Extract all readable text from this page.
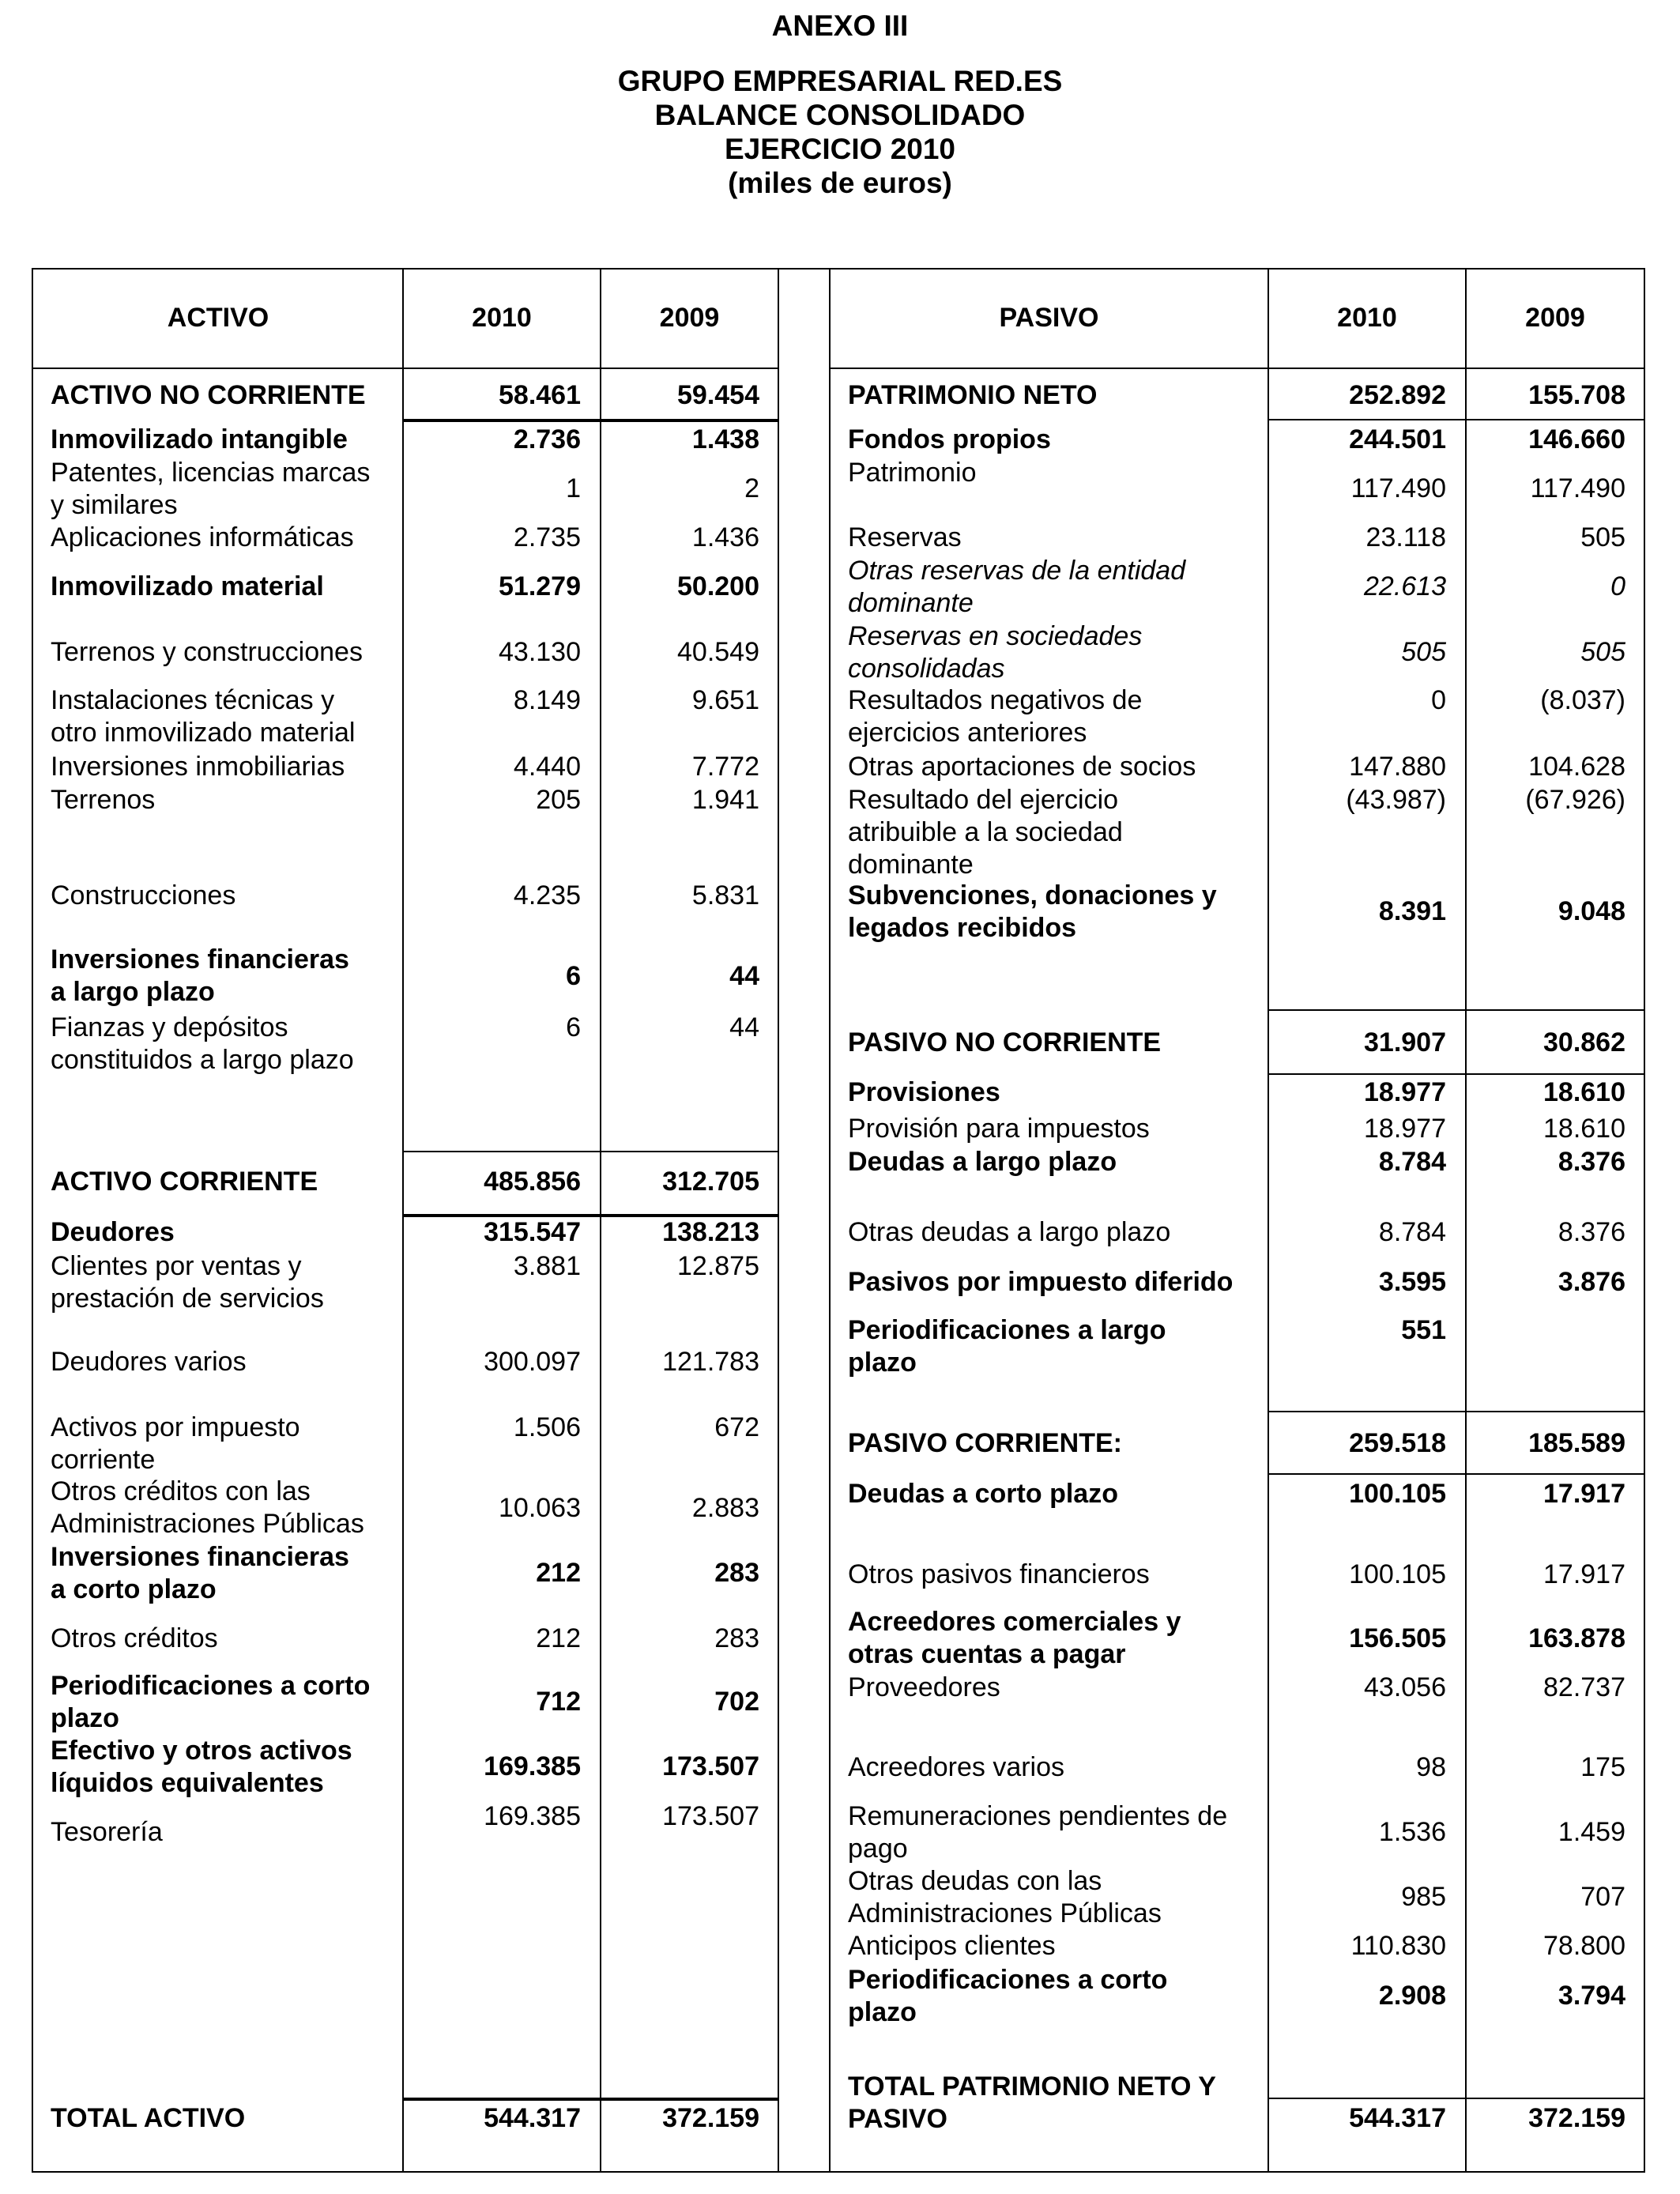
ANEXO III
GRUPO EMPRESARIAL RED.ES
BALANCE CONSOLIDADO
EJERCICIO 2010
(miles de euros)
ACTIVO	2010	2009	PASIVO	2010	2009
ACTIVO NO CORRIENTE	58.461	59.454
Inmovilizado intangible	2.736	1.438
Patentes, licencias marcas
y similares
1	2
Aplicaciones informáticas	2.735	1.436
Inmovilizado material	51.279	50.200
Terrenos y construcciones	43.130	40.549
Instalaciones técnicas y
otro inmovilizado material
8.149	9.651
Inversiones inmobiliarias	4.440	7.772
Terrenos	205	1.941
Construcciones	4.235	5.831
Inversiones financieras
a largo plazo
6	44
Fianzas y depósitos
constituidos a largo plazo
6	44
ACTIVO CORRIENTE	485.856	312.705
Deudores	315.547	138.213
Clientes por ventas y
prestación de servicios
3.881	12.875
Deudores varios	300.097	121.783
Activos por impuesto
corriente
1.506	672
Otros créditos con las
Administraciones Públicas
10.063	2.883
Inversiones financieras
a corto plazo
212	283
Otros créditos	212	283
Periodificaciones a corto
plazo
712	702
Efectivo y otros activos
líquidos equivalentes
169.385	173.507
Tesorería
169.385	173.507
TOTAL ACTIVO	544.317	372.159
PATRIMONIO NETO	252.892	155.708
Fondos propios	244.501	146.660
Patrimonio
117.490	117.490
Reservas	23.118	505
Otras reservas de la entidad
dominante
22.613	0
Reservas en sociedades
consolidadas
505	505
Resultados negativos de
ejercicios anteriores
0	(8.037)
Otras aportaciones de socios	147.880	104.628
Resultado del ejercicio
atribuible a la sociedad
dominante
(43.987)	(67.926)
Subvenciones, donaciones y
legados recibidos
8.391	9.048
PASIVO NO CORRIENTE	31.907	30.862
Provisiones	18.977	18.610
Provisión para impuestos	18.977	18.610
Deudas a largo plazo	8.784	8.376
Otras deudas a largo plazo	8.784	8.376
Pasivos por impuesto diferido	3.595	3.876
Periodificaciones a largo
plazo
551
PASIVO CORRIENTE:	259.518	185.589
Deudas a corto plazo	100.105	17.917
Otros pasivos financieros	100.105	17.917
Acreedores comerciales y
otras cuentas a pagar
156.505	163.878
Proveedores	43.056	82.737
Acreedores varios	98	175
Remuneraciones pendientes de
pago
1.536	1.459
Otras deudas con las
Administraciones Públicas
985	707
Anticipos clientes	110.830	78.800
Periodificaciones a corto
plazo
2.908	3.794
TOTAL PATRIMONIO NETO Y
PASIVO	544.317	372.159
